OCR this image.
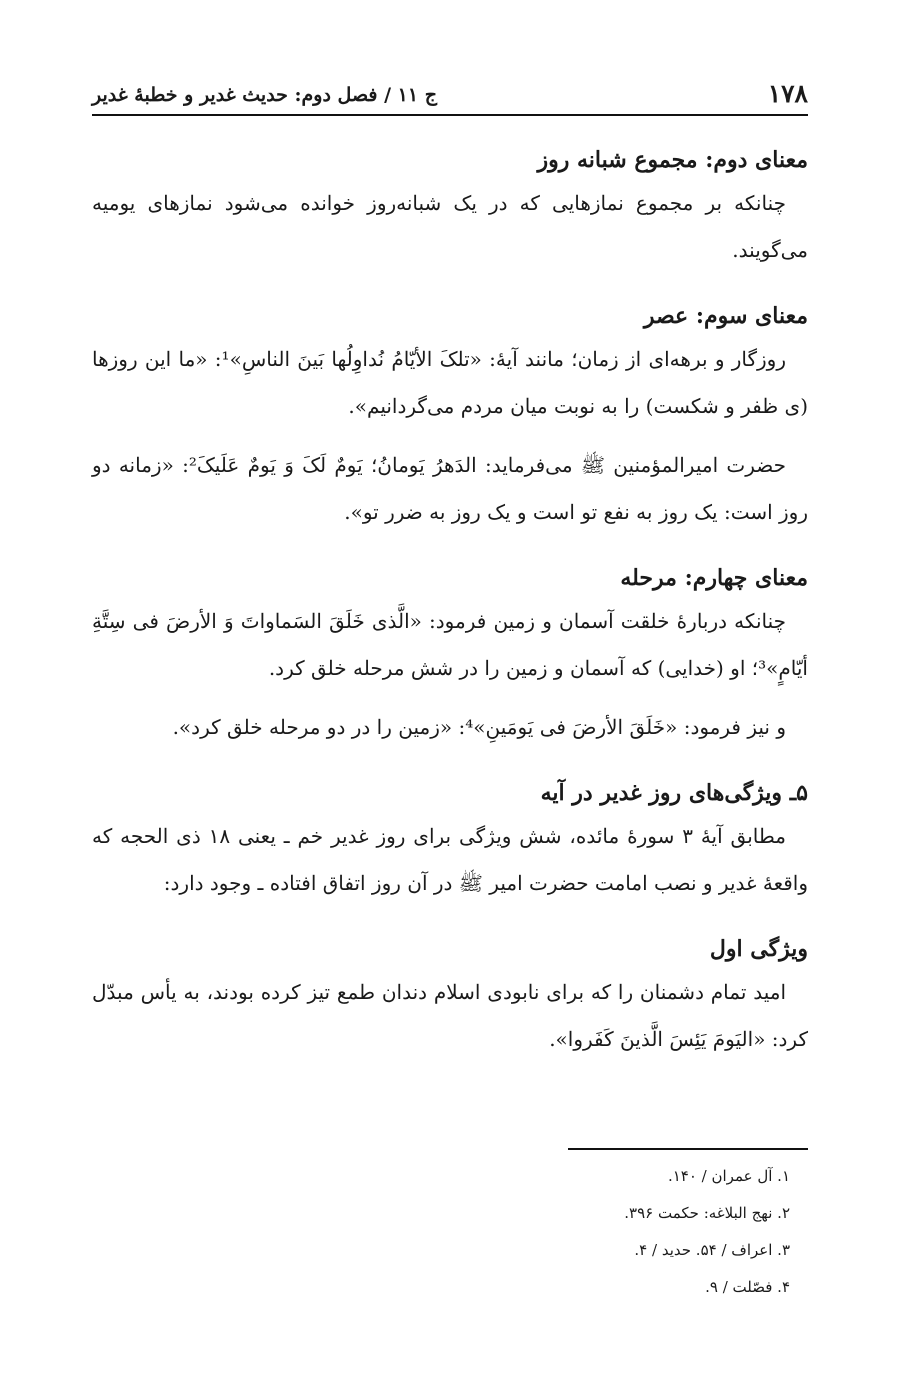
۱۷۸
ج ۱۱ / فصل دوم: حدیث غدیر و خطبهٔ غدیر
معنای دوم: مجموع شبانه روز

چنانکه بر مجموع نمازهایی که در یک شبانه‌روز خوانده می‌شود نمازهای یومیه می‌گویند.

معنای سوم: عصر

روزگار و برهه‌ای از زمان؛ مانند آیهٔ: «تلکَ الأیّامُ نُداوِلُها بَینَ الناسِ»¹: «ما این روزها (ی ظفر و شکست) را به نوبت میان مردم می‌گردانیم».

حضرت امیرالمؤمنین ﷺ می‌فرماید: الدَهرُ یَومانُ؛ یَومٌ لَکَ وَ یَومٌ عَلَیکَ²: «زمانه دو روز است: یک روز به نفع تو است و یک روز به ضرر تو».

معنای چهارم: مرحله

چنانکه دربارهٔ خلقت آسمان و زمین فرمود: «الَّذی خَلَقَ السَماواتَ وَ الأرضَ فی سِتَّةِ أیّامٍ»³؛ او (خدایی) که آسمان و زمین را در شش مرحله خلق کرد.

و نیز فرمود: «خَلَقَ الأرضَ فی یَومَینِ»⁴: «زمین را در دو مرحله خلق کرد».

۵ـ ویژگی‌های روز غدیر در آیه

مطابق آیهٔ ۳ سورهٔ مائده، شش ویژگی برای روز غدیر خم ـ یعنی ۱۸ ذی الحجه که واقعهٔ غدیر و نصب امامت حضرت امیر ﷺ در آن روز اتفاق افتاده ـ وجود دارد:

ویژگی اول

امید تمام دشمنان را که برای نابودی اسلام دندان طمع تیز کرده بودند، به یأس مبدّل کرد: «الیَومَ یَئِسَ الَّذینَ کَفَروا».

۱. آل عمران / ۱۴۰.

۲. نهج البلاغه: حکمت ۳۹۶.

۳. اعراف / ۵۴. حدید / ۴.

۴. فصّلت / ۹.
